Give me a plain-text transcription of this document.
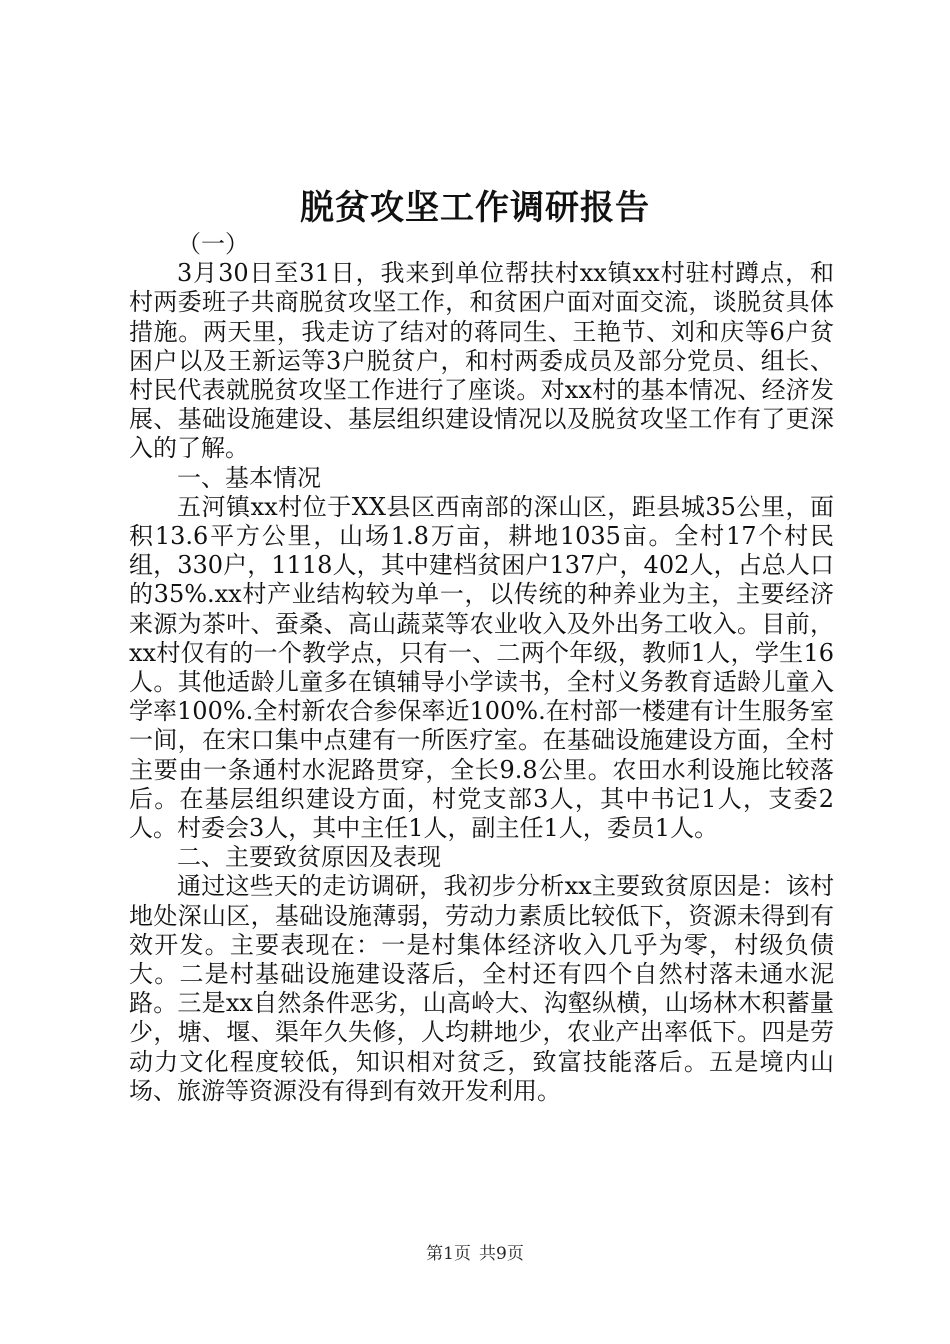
脱贫攻坚工作调研报告

（一）

3月30日至31日，我来到单位帮扶村xx镇xx村驻村蹲点，和村两委班子共商脱贫攻坚工作，和贫困户面对面交流，谈脱贫具体措施。两天里，我走访了结对的蒋同生、王艳节、刘和庆等6户贫困户以及王新运等3户脱贫户，和村两委成员及部分党员、组长、村民代表就脱贫攻坚工作进行了座谈。对xx村的基本情况、经济发展、基础设施建设、基层组织建设情况以及脱贫攻坚工作有了更深入的了解。

一、基本情况

五河镇xx村位于XX县区西南部的深山区，距县城35公里，面积13.6平方公里，山场1.8万亩，耕地1035亩。全村17个村民组，330户，1118人，其中建档贫困户137户，402人，占总人口的35%.xx村产业结构较为单一，以传统的种养业为主，主要经济来源为茶叶、蚕桑、高山蔬菜等农业收入及外出务工收入。目前，xx村仅有的一个教学点，只有一、二两个年级，教师1人，学生16人。其他适龄儿童多在镇辅导小学读书，全村义务教育适龄儿童入学率100%.全村新农合参保率近100%.在村部一楼建有计生服务室一间，在宋口集中点建有一所医疗室。在基础设施建设方面，全村主要由一条通村水泥路贯穿，全长9.8公里。农田水利设施比较落后。在基层组织建设方面，村党支部3人，其中书记1人，支委2人。村委会3人，其中主任1人，副主任1人，委员1人。

二、主要致贫原因及表现

通过这些天的走访调研，我初步分析xx主要致贫原因是：该村地处深山区，基础设施薄弱，劳动力素质比较低下，资源未得到有效开发。主要表现在：一是村集体经济收入几乎为零，村级负债大。二是村基础设施建设落后，全村还有四个自然村落未通水泥路。三是xx自然条件恶劣，山高岭大、沟壑纵横，山场林木积蓄量少，塘、堰、渠年久失修，人均耕地少，农业产出率低下。四是劳动力文化程度较低，知识相对贫乏，致富技能落后。五是境内山场、旅游等资源没有得到有效开发利用。

第1页 共9页
